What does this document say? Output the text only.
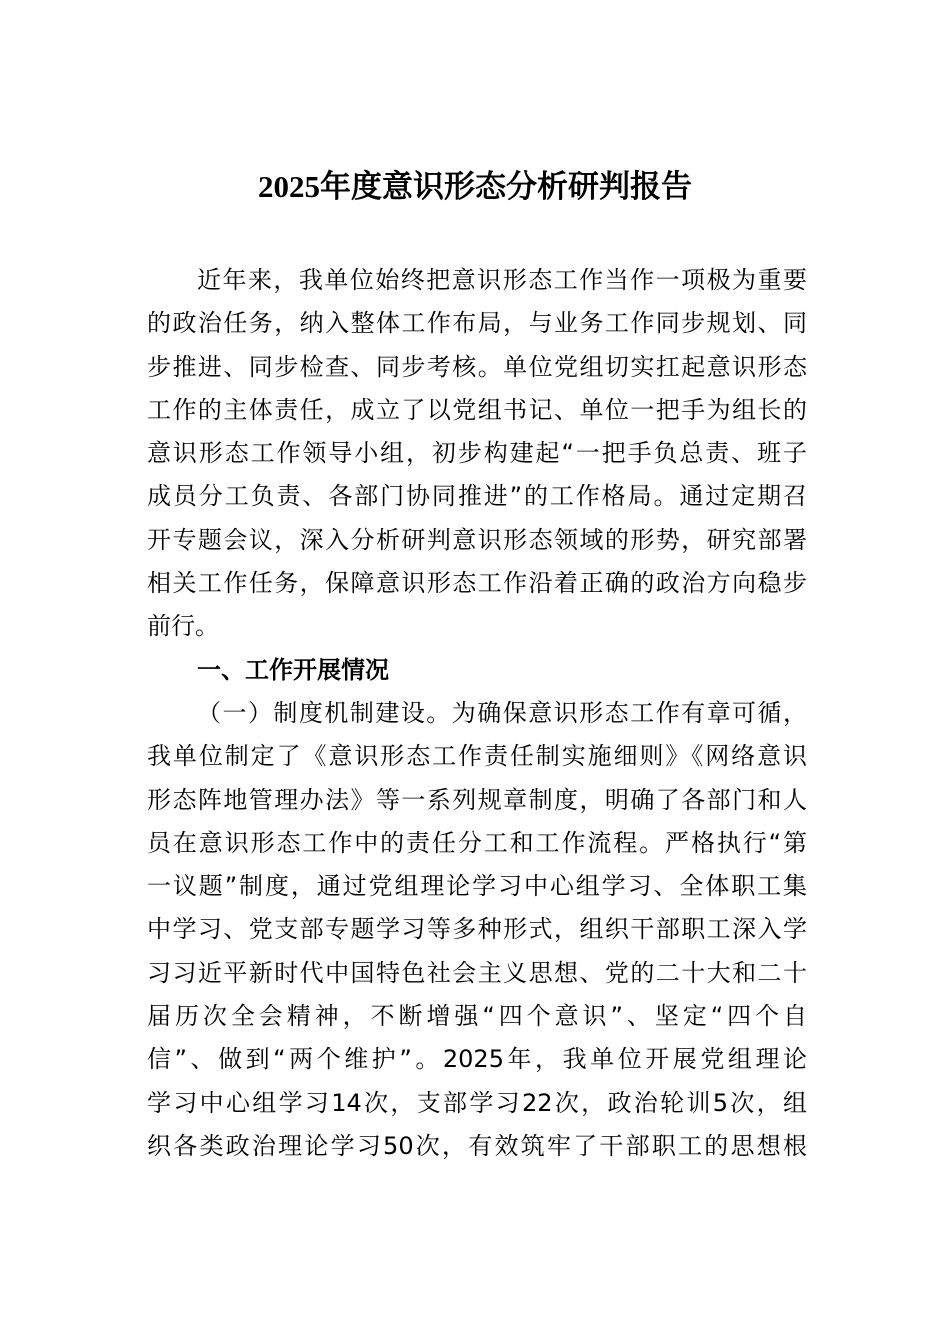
2025年度意识形态分析研判报告
近年来，我单位始终把意识形态工作当作一项极为重要
的政治任务，纳入整体工作布局，与业务工作同步规划、同
步推进、同步检查、同步考核。单位党组切实扛起意识形态
工作的主体责任，成立了以党组书记、单位一把手为组长的
意识形态工作领导小组，初步构建起“一把手负总责、班子
成员分工负责、各部门协同推进”的工作格局。通过定期召
开专题会议，深入分析研判意识形态领域的形势，研究部署
相关工作任务，保障意识形态工作沿着正确的政治方向稳步
前行。
一、工作开展情况
（一）制度机制建设。为确保意识形态工作有章可循，
我单位制定了《意识形态工作责任制实施细则》《网络意识
形态阵地管理办法》等一系列规章制度，明确了各部门和人
员在意识形态工作中的责任分工和工作流程。严格执行“第
一议题”制度，通过党组理论学习中心组学习、全体职工集
中学习、党支部专题学习等多种形式，组织干部职工深入学
习习近平新时代中国特色社会主义思想、党的二十大和二十
届历次全会精神，不断增强“四个意识”、坚定“四个自
信”、做到“两个维护”。2025年，我单位开展党组理论
学习中心组学习14次，支部学习22次，政治轮训5次，组
织各类政治理论学习50次，有效筑牢了干部职工的思想根
